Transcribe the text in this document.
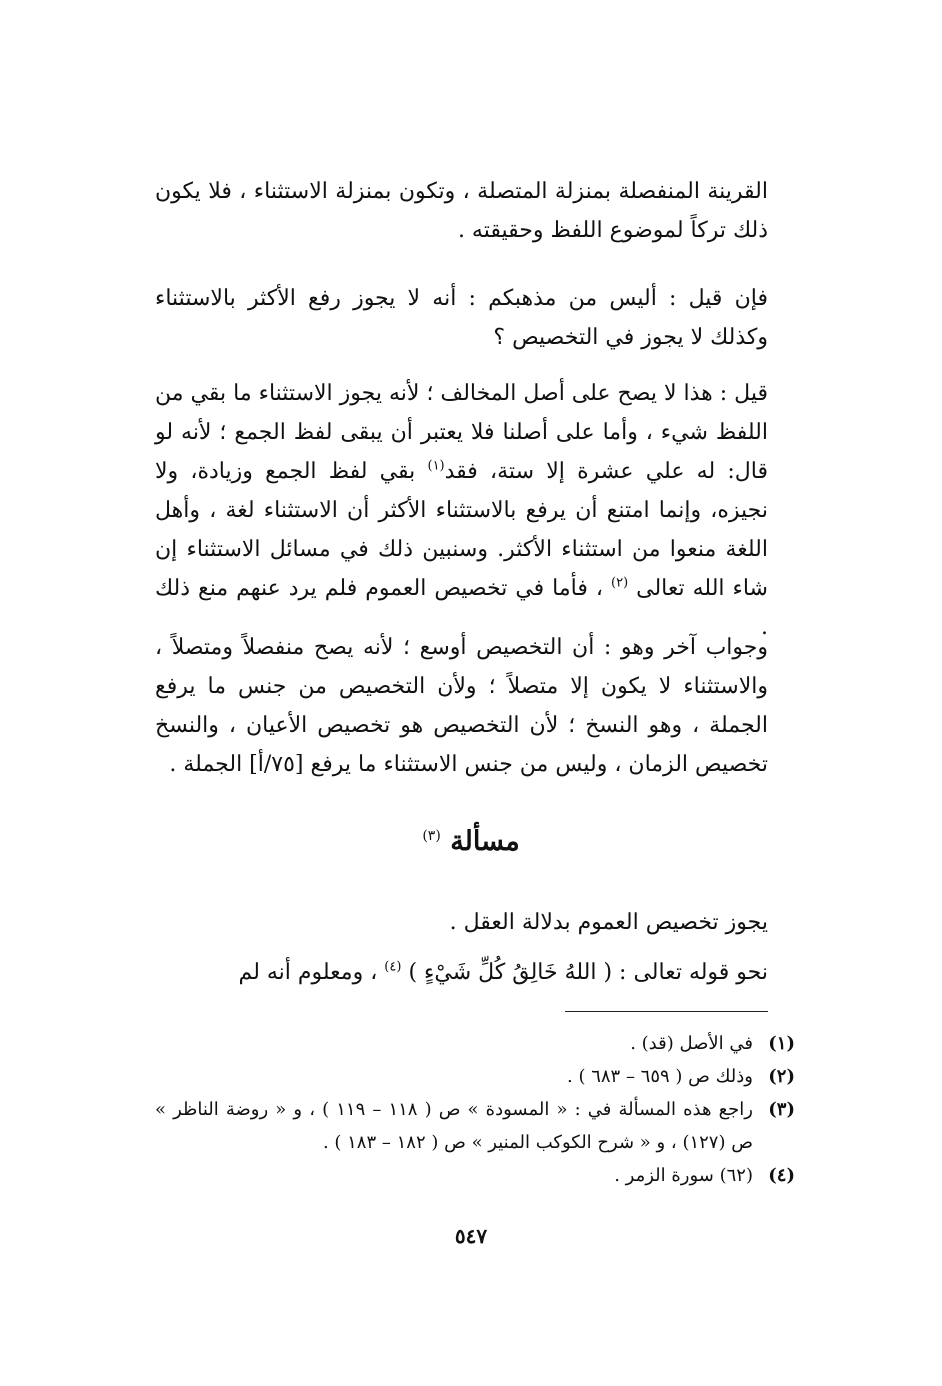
القرينة المنفصلة بمنزلة المتصلة ، وتكون بمنزلة الاستثناء ، فلا يكون ذلك تركاً لموضوع اللفظ وحقيقته .

فإن قيل : أليس من مذهبكم : أنه لا يجوز رفع الأكثر بالاستثناء وكذلك لا يجوز في التخصيص ؟

قيل : هذا لا يصح على أصل المخالف ؛ لأنه يجوز الاستثناء ما بقي من اللفظ شيء ، وأما على أصلنا فلا يعتبر أن يبقى لفظ الجمع ؛ لأنه لو قال: له علي عشرة إلا ستة، فقد$^{(١)}$ بقي لفظ الجمع وزيادة، ولا نجيزه، وإنما امتنع أن يرفع بالاستثناء الأكثر أن الاستثناء لغة ، وأهل اللغة منعوا من استثناء الأكثر. وسنبين ذلك في مسائل الاستثناء إن شاء الله تعالى $^{(٢)}$ ، فأما في تخصيص العموم فلم يرد عنهم منع ذلك .

وجواب آخر وهو : أن التخصيص أوسع ؛ لأنه يصح منفصلاً ومتصلاً ، والاستثناء لا يكون إلا متصلاً ؛ ولأن التخصيص من جنس ما يرفع الجملة ، وهو النسخ ؛ لأن التخصيص هو تخصيص الأعيان ، والنسخ تخصيص الزمان ، وليس من جنس الاستثناء ما يرفع [٧٥/أ] الجملة .

مسألة $^{(٣)}$

يجوز تخصيص العموم بدلالة العقل .

نحو قوله تعالى : ( اللهُ خَالِقُ كُلِّ شَيْءٍ ) $^{(٤)}$ ، ومعلوم أنه لم

(١)
في الأصل (قد) .

(٢)
وذلك ص ( ٦٥٩ – ٦٨٣ ) .

(٣)
راجع هذه المسألة في : « المسودة » ص ( ١١٨ – ١١٩ ) ، و « روضة الناظر » ص (١٢٧) ، و « شرح الكوكب المنير » ص ( ١٨٢ – ١٨٣ ) .

(٤)
(٦٢) سورة الزمر .

٥٤٧
